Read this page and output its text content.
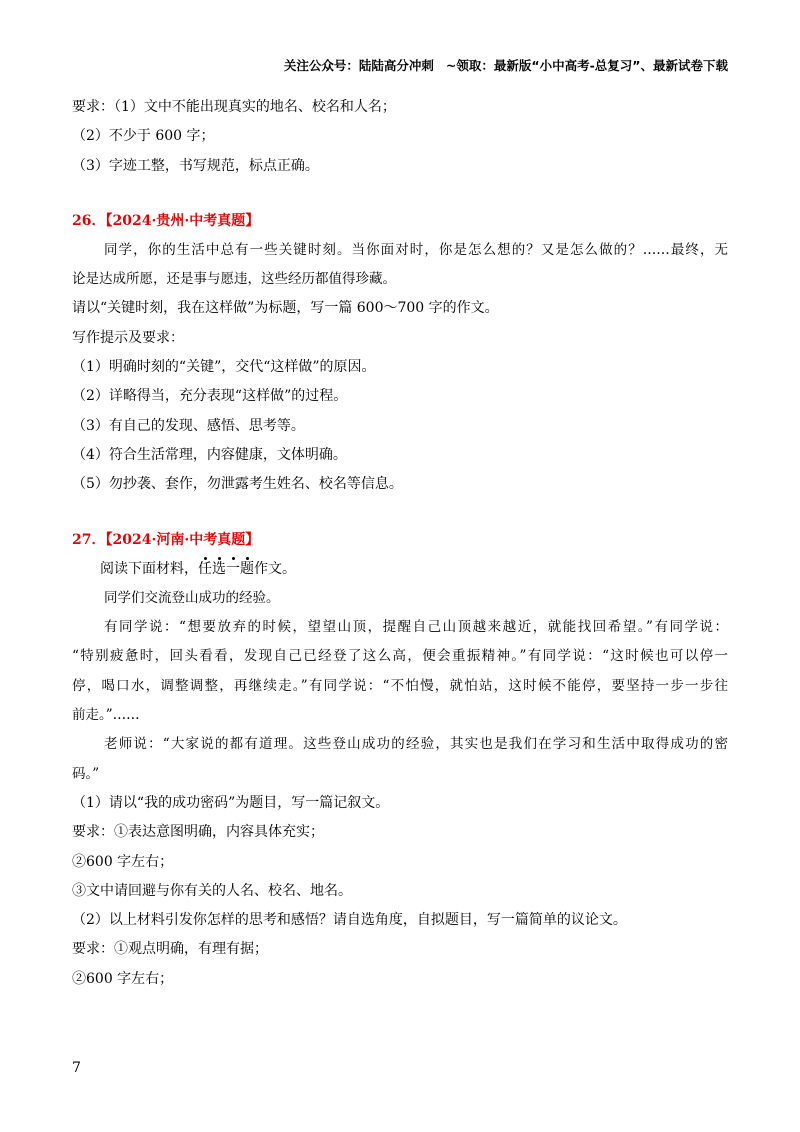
关注公众号：陆陆高分冲刺 ~领取：最新版“小中高考-总复习”、最新试卷下载
要求：（1）文中不能出现真实的地名、校名和人名；
（2）不少于 600 字；
（3）字迹工整，书写规范，标点正确。
26．【2024·贵州·中考真题】
同学，你的生活中总有一些关键时刻。当你面对时，你是怎么想的？又是怎么做的？……最终，无
论是达成所愿，还是事与愿违，这些经历都值得珍藏。
请以“关键时刻，我在这样做”为标题，写一篇 600～700 字的作文。
写作提示及要求：
（1）明确时刻的“关键”，交代“这样做”的原因。
（2）详略得当，充分表现“这样做”的过程。
（3）有自己的发现、感悟、思考等。
（4）符合生活常理，内容健康，文体明确。
（5）勿抄袭、套作，勿泄露考生姓名、校名等信息。
27．【2024·河南·中考真题】
阅读下面材料，任选一题作文。
同学们交流登山成功的经验。
有同学说：“想要放弃的时候，望望山顶，提醒自己山顶越来越近，就能找回希望。”有同学说：
“特别疲惫时，回头看看，发现自己已经登了这么高，便会重振精神。”有同学说：“这时候也可以停一
停，喝口水，调整调整，再继续走。”有同学说：“不怕慢，就怕站，这时候不能停，要坚持一步一步往
前走。”……
老师说：“大家说的都有道理。这些登山成功的经验，其实也是我们在学习和生活中取得成功的密
码。”
（1）请以“我的成功密码”为题目，写一篇记叙文。
要求：①表达意图明确，内容具体充实；
②600 字左右；
③文中请回避与你有关的人名、校名、地名。
（2）以上材料引发你怎样的思考和感悟？请自选角度，自拟题目，写一篇简单的议论文。
要求：①观点明确，有理有据；
②600 字左右；
7
